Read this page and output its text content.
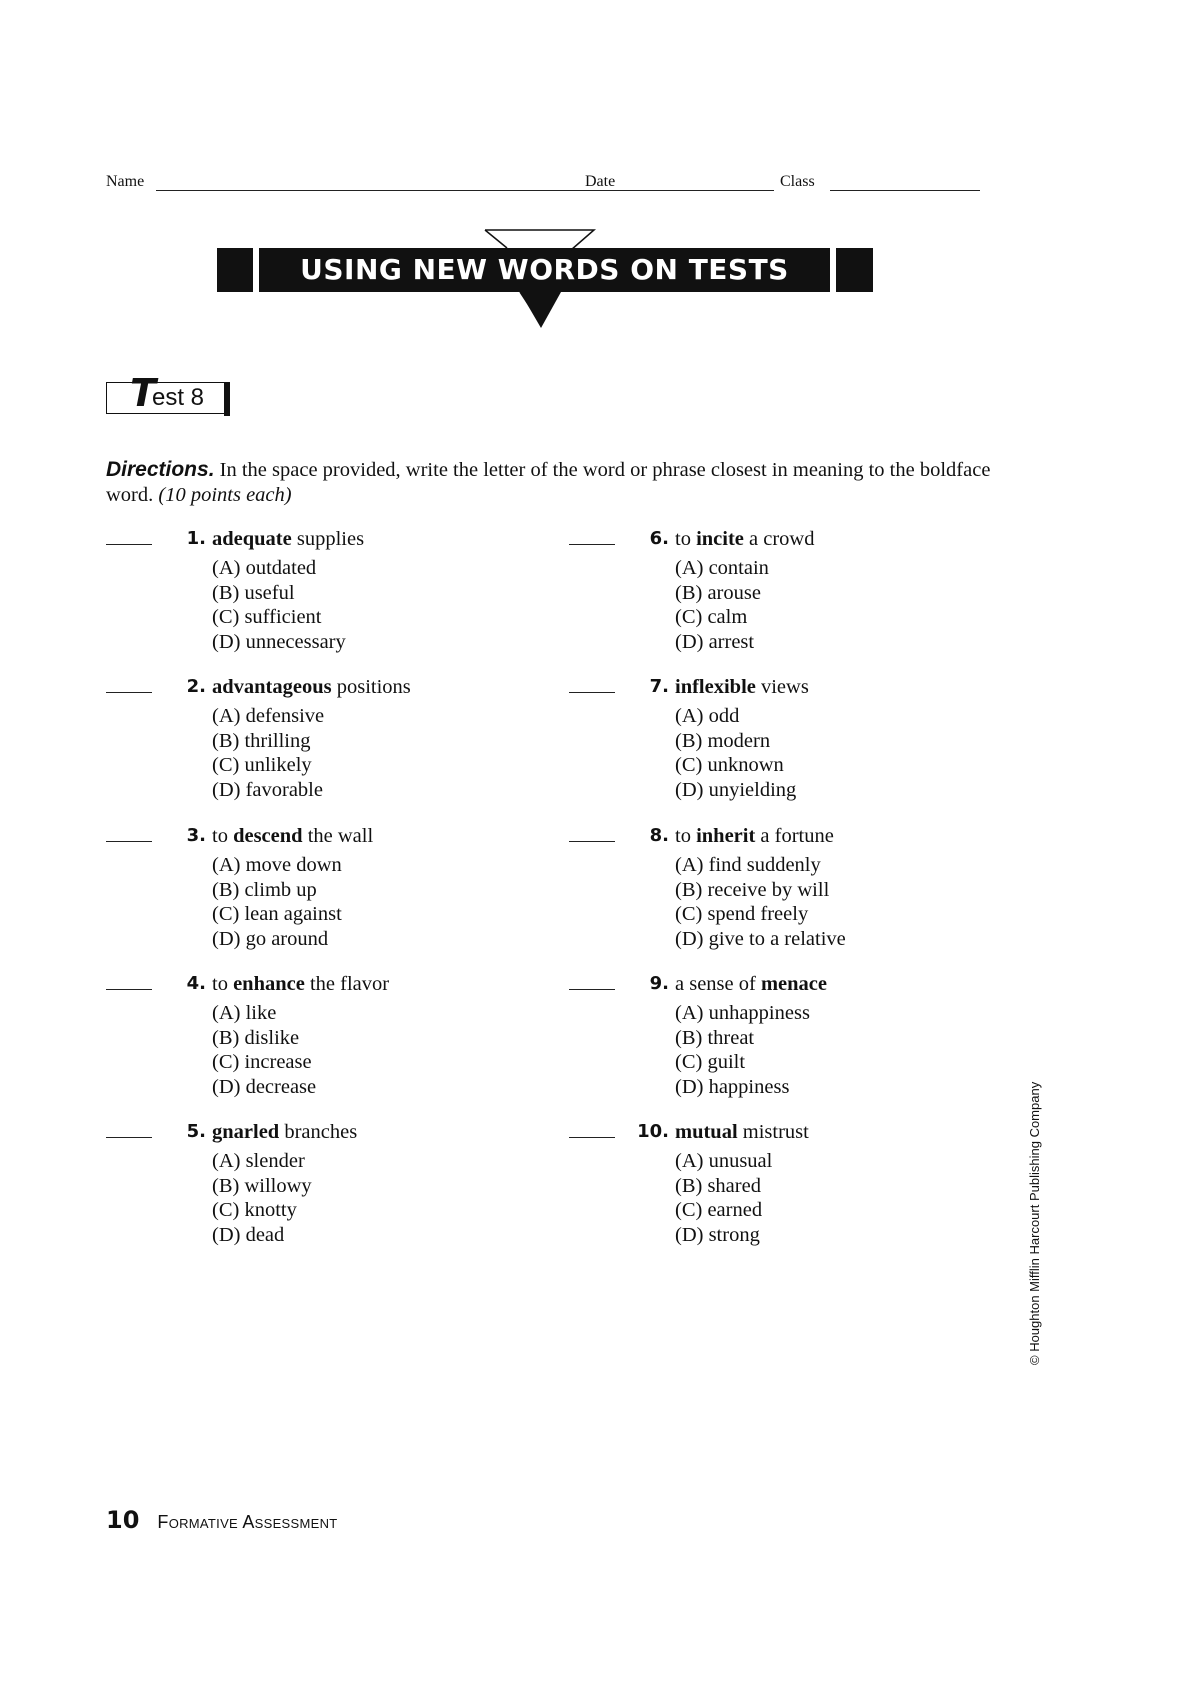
Name	Date	Class
USING NEW WORDS ON TESTS
T
est 8
Directions. In the space provided, write the letter of the word or phrase closest in meaning to the boldface word. (10 points each)
1. adequate supplies
(A) outdated
(B) useful
(C) sufficient
(D) unnecessary
2. advantageous positions
(A) defensive
(B) thrilling
(C) unlikely
(D) favorable
3. to descend the wall
(A) move down
(B) climb up
(C) lean against
(D) go around
4. to enhance the flavor
(A) like
(B) dislike
(C) increase
(D) decrease
5. gnarled branches
(A) slender
(B) willowy
(C) knotty
(D) dead
6. to incite a crowd
(A) contain
(B) arouse
(C) calm
(D) arrest
7. inflexible views
(A) odd
(B) modern
(C) unknown
(D) unyielding
8. to inherit a fortune
(A) find suddenly
(B) receive by will
(C) spend freely
(D) give to a relative
9. a sense of menace
(A) unhappiness
(B) threat
(C) guilt
(D) happiness
10. mutual mistrust
(A) unusual
(B) shared
(C) earned
(D) strong
10 Formative Assessment
© Houghton Mifflin Harcourt Publishing Company
